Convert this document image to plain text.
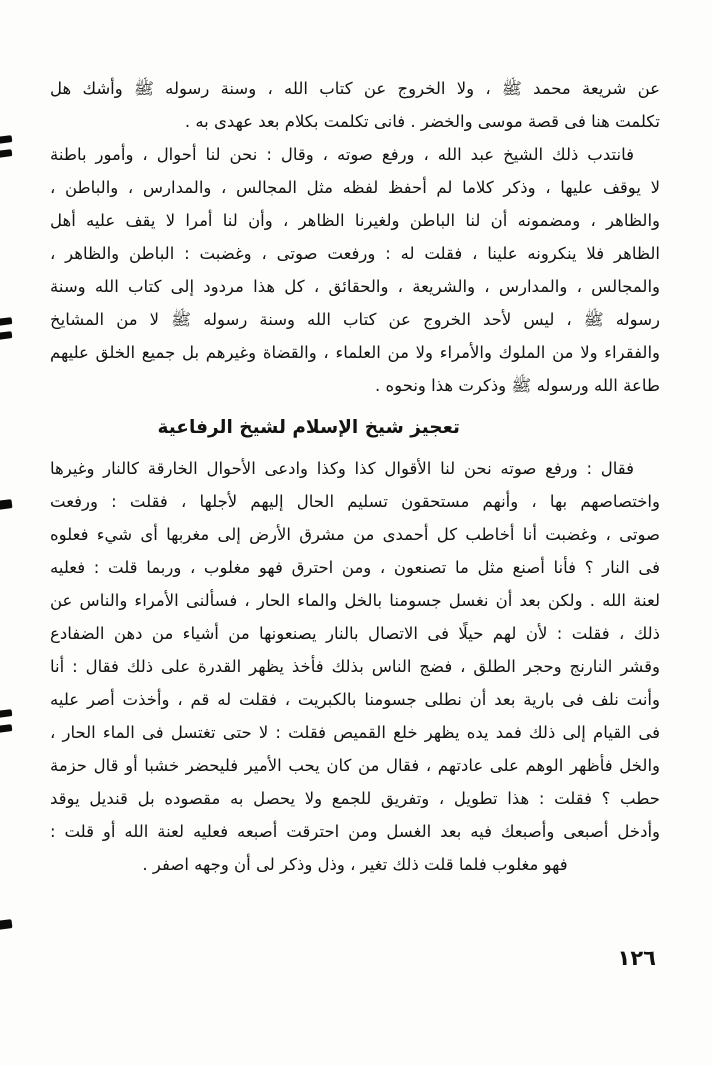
عن شريعة محمد ﷺ ، ولا الخروج عن كتاب الله ، وسنة رسوله ﷺ وأشك هل
تكلمت هنا فى قصة موسى والخضر . فانى تكلمت بكلام بعد عهدى به .
فانتدب ذلك الشيخ عبد الله ، ورفع صوته ، وقال : نحن لنا أحوال ، وأمور باطنة
لا يوقف عليها ، وذكر كلاما لم أحفظ لفظه مثل المجالس ، والمدارس ، والباطن ،
والظاهر ، ومضمونه أن لنا الباطن ولغيرنا الظاهر ، وأن لنا أمرا لا يقف عليه أهل
الظاهر فلا ينكرونه علينا ، فقلت له : ورفعت صوتى ، وغضبت : الباطن والظاهر ،
والمجالس ، والمدارس ، والشريعة ، والحقائق ، كل هذا مردود إلى كتاب الله وسنة
رسوله ﷺ ، ليس لأحد الخروج عن كتاب الله وسنة رسوله ﷺ لا من المشايخ
والفقراء ولا من الملوك والأمراء ولا من العلماء ، والقضاة وغيرهم بل جميع الخلق عليهم
طاعة الله ورسوله ﷺ وذكرت هذا ونحوه .
تعجيز شيخ الإسلام لشيخ الرفاعية
فقال : ورفع صوته نحن لنا الأقوال كذا وكذا وادعى الأحوال الخارقة كالنار وغيرها
واختصاصهم بها ، وأنهم مستحقون تسليم الحال إليهم لأجلها ، فقلت : ورفعت
صوتى ، وغضبت أنا أخاطب كل أحمدى من مشرق الأرض إلى مغربها أى شيء فعلوه
فى النار ؟ فأنا أصنع مثل ما تصنعون ، ومن احترق فهو مغلوب ، وربما قلت : فعليه
لعنة الله . ولكن بعد أن نغسل جسومنا بالخل والماء الحار ، فسألنى الأمراء والناس عن
ذلك ، فقلت : لأن لهم حيلًا فى الاتصال بالنار يصنعونها من أشياء من دهن الضفادع
وقشر النارنج وحجر الطلق ، فضج الناس بذلك فأخذ يظهر القدرة على ذلك فقال : أنا
وأنت نلف فى بارية بعد أن نطلى جسومنا بالكبريت ، فقلت له قم ، وأخذت أصر عليه
فى القيام إلى ذلك فمد يده يظهر خلع القميص فقلت : لا حتى تغتسل فى الماء الحار ،
والخل فأظهر الوهم على عادتهم ، فقال من كان يحب الأمير فليحضر خشبا أو قال حزمة
حطب ؟ فقلت : هذا تطويل ، وتفريق للجمع ولا يحصل به مقصوده بل قنديل يوقد
وأدخل أصبعى وأصبعك فيه بعد الغسل ومن احترقت أصبعه فعليه لعنة الله أو قلت :
فهو مغلوب فلما قلت ذلك تغير ، وذل وذكر لى أن وجهه اصفر .
١٢٦
